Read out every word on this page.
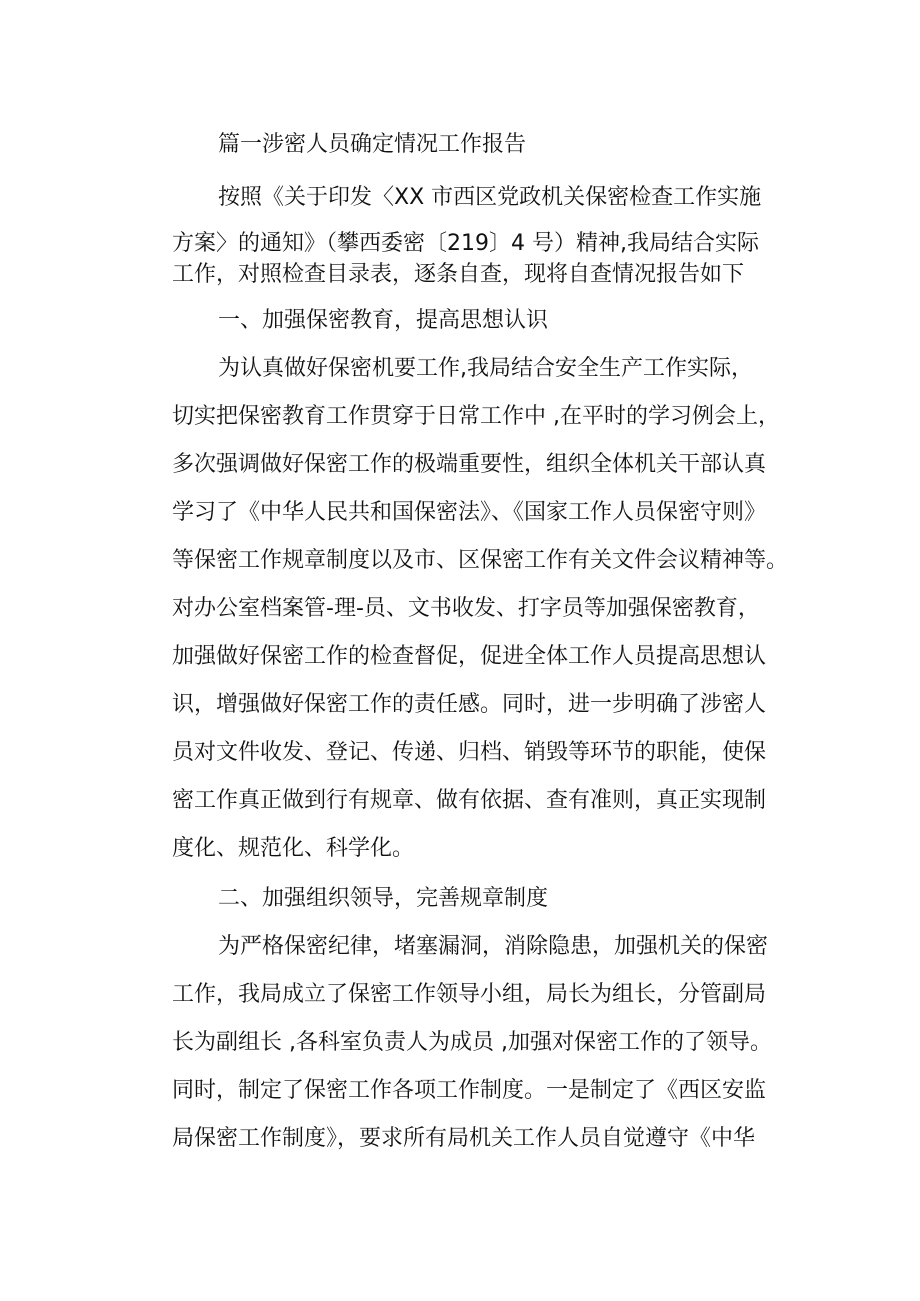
篇一涉密人员确定情况工作报告
按照《关于印发〈XX 市西区党政机关保密检查工作实施
方案〉的通知》（攀西委密〔219〕4 号）精神,我局结合实际
工作，对照检查目录表，逐条自查，现将自查情况报告如下
一、加强保密教育，提高思想认识
为认真做好保密机要工作,我局结合安全生产工作实际，
切实把保密教育工作贯穿于日常工作中 ,在平时的学习例会上，
多次强调做好保密工作的极端重要性，组织全体机关干部认真
学习了《中华人民共和国保密法》、《国家工作人员保密守则》
等保密工作规章制度以及市、区保密工作有关文件会议精神等。
对办公室档案管-理-员、文书收发、打字员等加强保密教育，
加强做好保密工作的检查督促，促进全体工作人员提高思想认
识，增强做好保密工作的责任感。同时，进一步明确了涉密人
员对文件收发、登记、传递、归档、销毁等环节的职能，使保
密工作真正做到行有规章、做有依据、查有准则，真正实现制
度化、规范化、科学化。
二、加强组织领导，完善规章制度
为严格保密纪律，堵塞漏洞，消除隐患，加强机关的保密
工作，我局成立了保密工作领导小组，局长为组长，分管副局
长为副组长 ,各科室负责人为成员 ,加强对保密工作的了领导。
同时，制定了保密工作各项工作制度。一是制定了《西区安监
局保密工作制度》，要求所有局机关工作人员自觉遵守《中华
